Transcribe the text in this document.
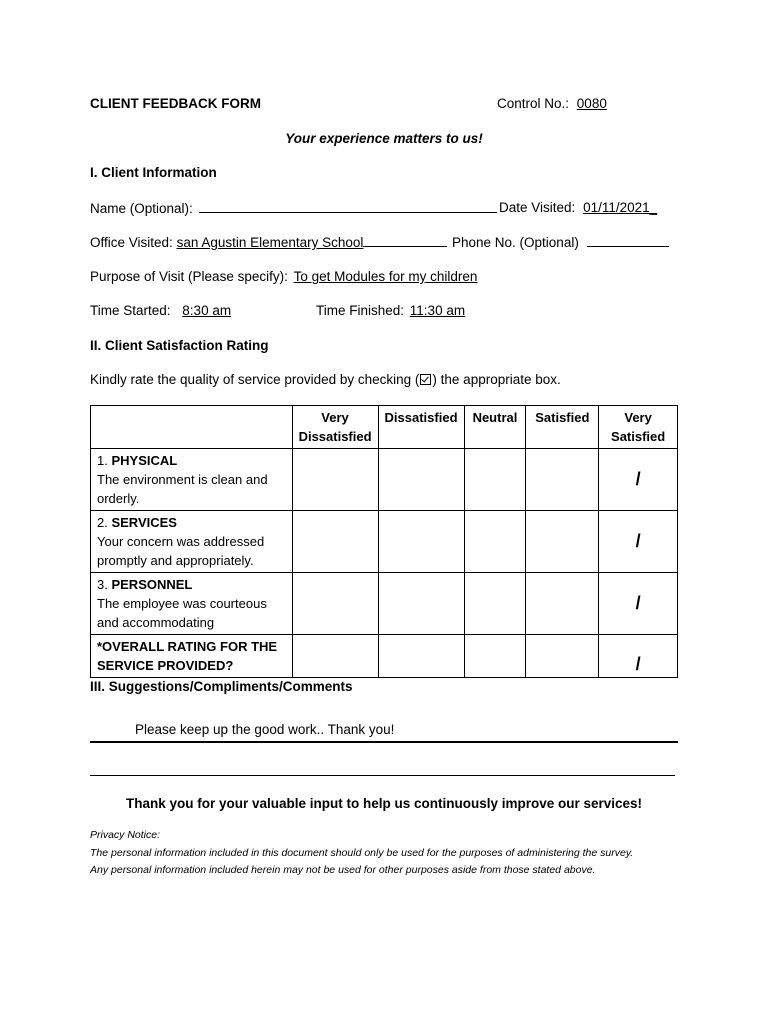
CLIENT FEEDBACK FORM	Control No.: 0080
Your experience matters to us!
I. Client Information
Name (Optional):	Date Visited: 01/11/2021_
Office Visited: san Agustin Elementary School	Phone No. (Optional)
Purpose of Visit (Please specify): To get Modules for my children
Time Started: 8:30 am	Time Finished: 11:30 am
II. Client Satisfaction Rating
Kindly rate the quality of service provided by checking ( ) the appropriate box.
	Very Dissatisfied	Dissatisfied	Neutral	Satisfied	Very Satisfied
1. PHYSICAL
The environment is clean and orderly.					/
2. SERVICES
Your concern was addressed promptly and appropriately.					/
3. PERSONNEL
The employee was courteous and accommodating					/
*OVERALL RATING FOR THE SERVICE PROVIDED?					/
III. Suggestions/Compliments/Comments
Please keep up the good work.. Thank you!
Thank you for your valuable input to help us continuously improve our services!
Privacy Notice:
The personal information included in this document should only be used for the purposes of administering the survey.
Any personal information included herein may not be used for other purposes aside from those stated above.
